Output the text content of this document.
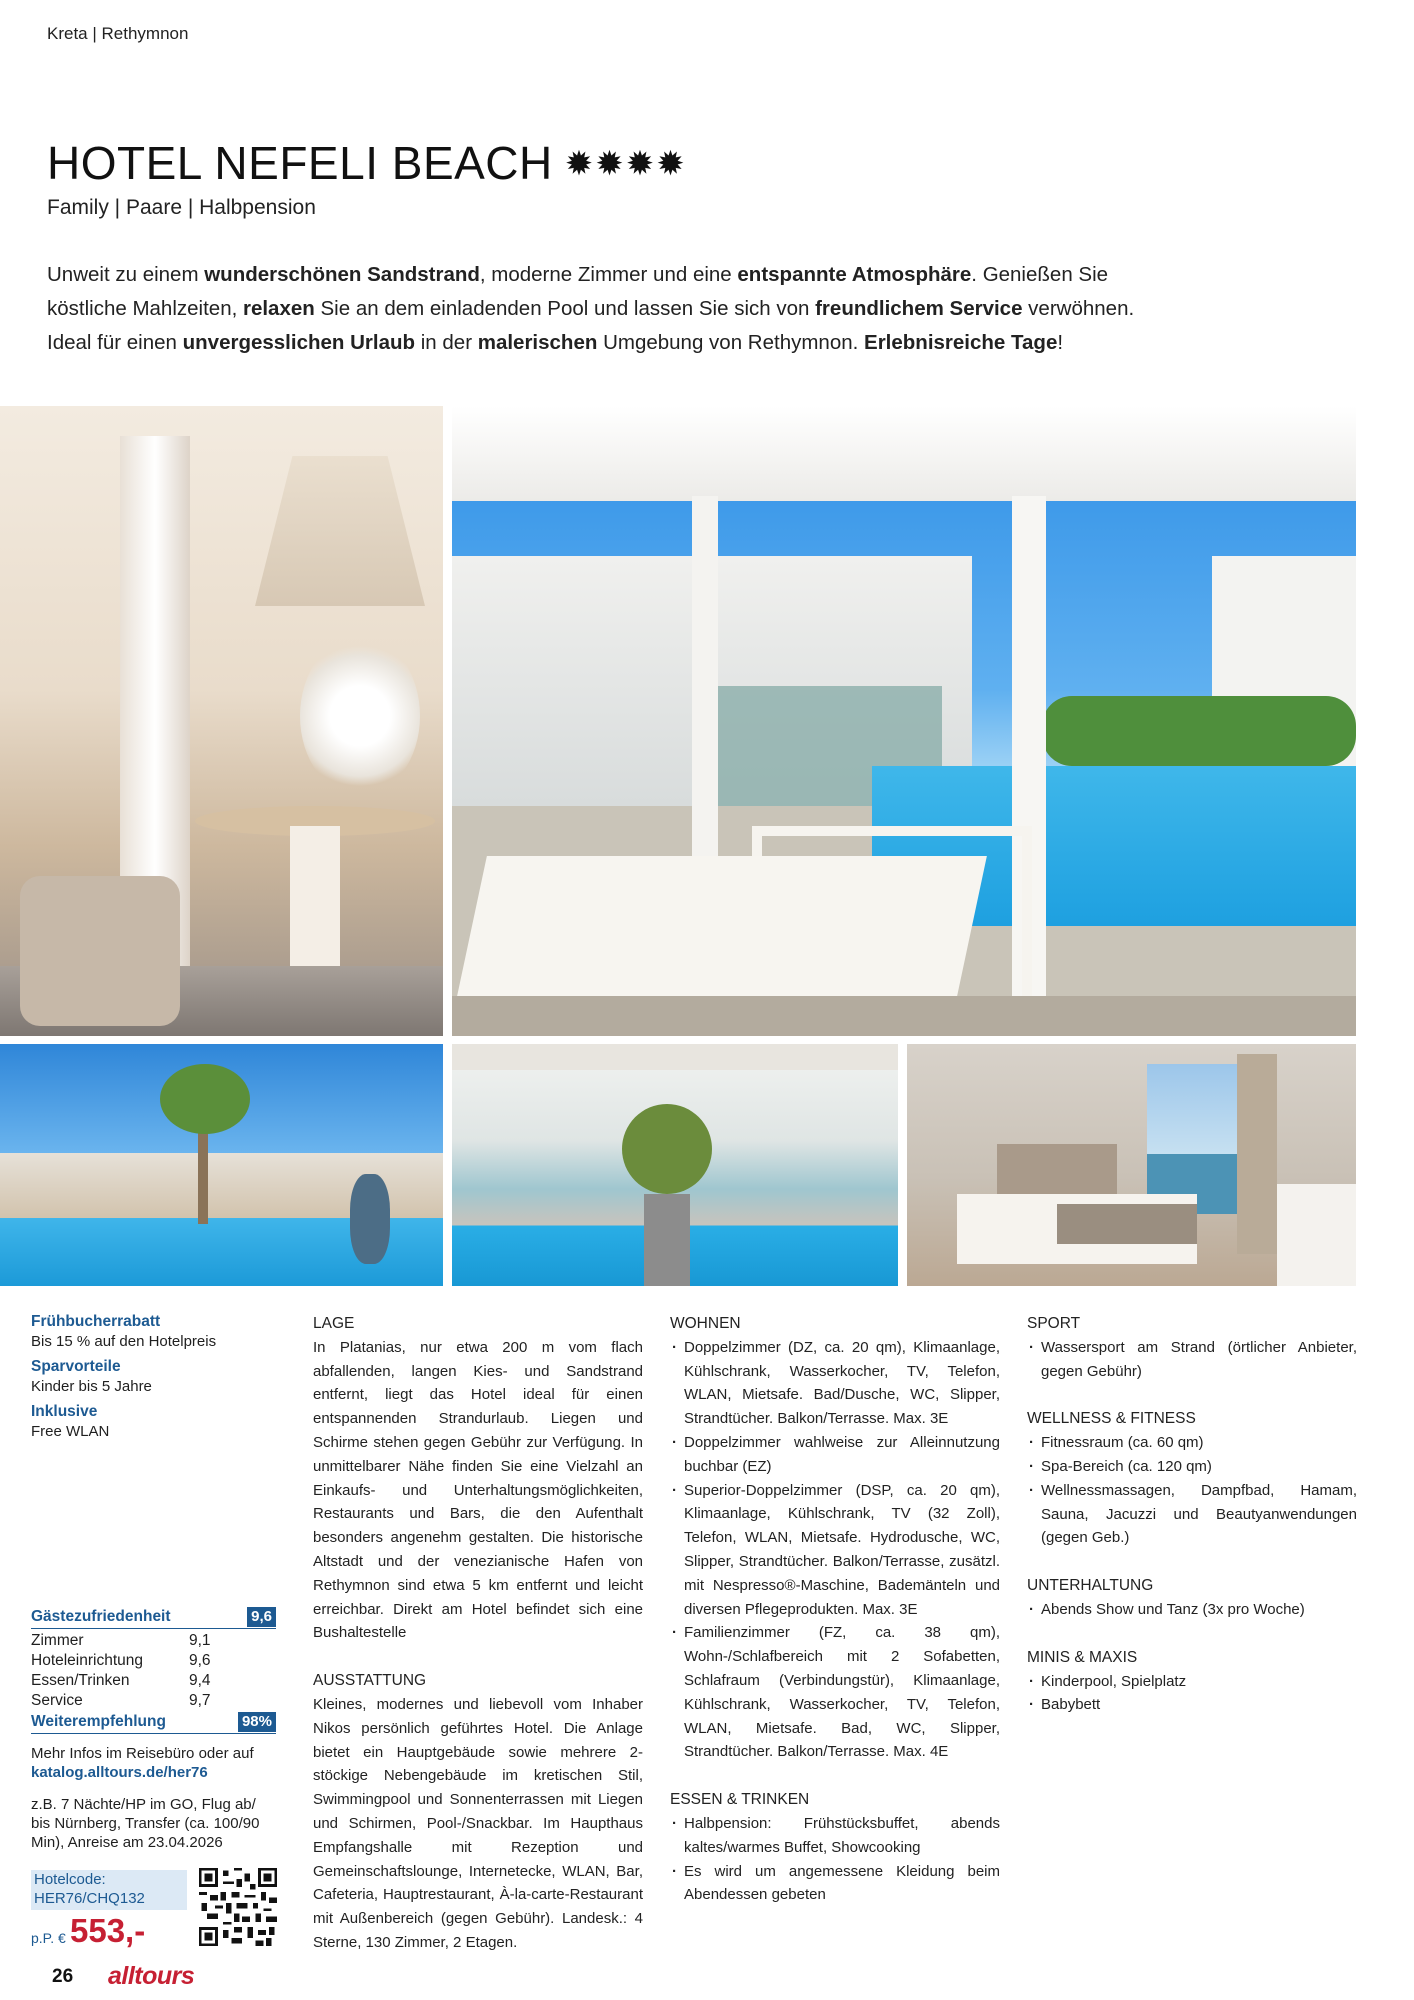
Kreta | Rethymnon
HOTEL NEFELI BEACH ✹✹✹✹
Family | Paare | Halbpension
Unweit zu einem wunderschönen Sandstrand, moderne Zimmer und eine entspannte Atmosphäre. Genießen Sie köstliche Mahlzeiten, relaxen Sie an dem einladenden Pool und lassen Sie sich von freundlichem Service verwöhnen. Ideal für einen unvergesslichen Urlaub in der malerischen Umgebung von Rethymnon. Erlebnisreiche Tage!

Frühbucherrabatt

Bis 15 % auf den Hotelpreis

Sparvorteile

Kinder bis 5 Jahre

Inklusive

Free WLAN

Gästezufriedenheit	9,6
Zimmer	9,1
Hoteleinrichtung	9,6
Essen/Trinken	9,4
Service	9,7
Weiterempfehlung	98%
Mehr Infos im Reisebüro oder auf
katalog.alltours.de/her76
z.B. 7 Nächte/HP im GO, Flug ab/
bis Nürnberg, Transfer (ca. 100/90
Min), Anreise am 23.04.2026
Hotelcode:
HER76/CHQ132
p.P. € 553,-
26 alltours
LAGE

In Platanias, nur etwa 200 m vom flach abfallenden, langen Kies- und Sandstrand entfernt, liegt das Hotel ideal für einen entspannenden Strandurlaub. Liegen und Schirme stehen gegen Gebühr zur Verfügung. In unmittelbarer Nähe finden Sie eine Vielzahl an Einkaufs- und Unterhaltungsmöglichkeiten, Restaurants und Bars, die den Aufenthalt besonders angenehm gestalten. Die historische Altstadt und der venezianische Hafen von Rethymnon sind etwa 5 km entfernt und leicht erreichbar. Direkt am Hotel befindet sich eine Bushaltestelle

AUSSTATTUNG

Kleines, modernes und liebevoll vom Inhaber Nikos persönlich geführtes Hotel. Die Anlage bietet ein Hauptgebäude sowie mehrere 2-stöckige Nebengebäude im kretischen Stil, Swimmingpool und Sonnenterrassen mit Liegen und Schirmen, Pool-/Snackbar. Im Haupthaus Empfangshalle mit Rezeption und Gemeinschaftslounge, Internetecke, WLAN, Bar, Cafeteria, Hauptrestaurant, À-la-carte-Restaurant mit Außenbereich (gegen Gebühr). Landesk.: 4 Sterne, 130 Zimmer, 2 Etagen.

WOHNEN
· Doppelzimmer (DZ, ca. 20 qm), Klimaanlage, Kühlschrank, Wasserkocher, TV, Telefon, WLAN, Mietsafe. Bad/Dusche, WC, Slipper, Strandtücher. Balkon/Terrasse. Max. 3E
· Doppelzimmer wahlweise zur Alleinnutzung buchbar (EZ)
· Superior-Doppelzimmer (DSP, ca. 20 qm), Klimaanlage, Kühlschrank, TV (32 Zoll), Telefon, WLAN, Mietsafe. Hydrodusche, WC, Slipper, Strandtücher. Balkon/Terrasse, zusätzl. mit Nespresso®-Maschine, Bademänteln und diversen Pflegeprodukten. Max. 3E
· Familienzimmer (FZ, ca. 38 qm), Wohn-/Schlafbereich mit 2 Sofabetten, Schlafraum (Verbindungstür), Klimaanlage, Kühlschrank, Wasserkocher, TV, Telefon, WLAN, Mietsafe. Bad, WC, Slipper, Strandtücher. Balkon/Terrasse. Max. 4E
ESSEN & TRINKEN
· Halbpension: Frühstücksbuffet, abends kaltes/warmes Buffet, Showcooking
· Es wird um angemessene Kleidung beim Abendessen gebeten
SPORT
· Wassersport am Strand (örtlicher Anbieter, gegen Gebühr)
WELLNESS & FITNESS
· Fitnessraum (ca. 60 qm)
· Spa-Bereich (ca. 120 qm)
· Wellnessmassagen, Dampfbad, Hamam, Sauna, Jacuzzi und Beautyanwendungen (gegen Geb.)
UNTERHALTUNG
· Abends Show und Tanz (3x pro Woche)
MINIS & MAXIS
· Kinderpool, Spielplatz
· Babybett
